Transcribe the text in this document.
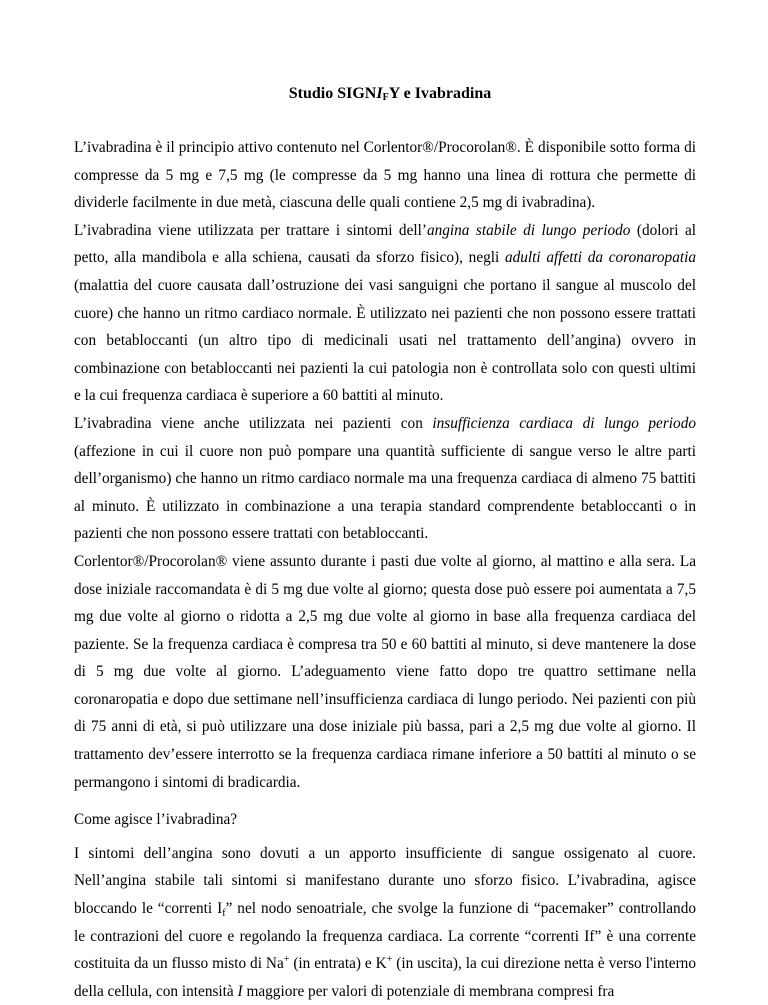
Studio $SIGNI_FY$ e Ivabradina

L’ivabradina è il principio attivo contenuto nel Corlentor®/Procorolan®. È disponibile sotto forma di compresse da 5 mg e 7,5 mg (le compresse da 5 mg hanno una linea di rottura che permette di dividerle facilmente in due metà, ciascuna delle quali contiene 2,5 mg di ivabradina).

L’ivabradina viene utilizzata per trattare i sintomi dell’angina stabile di lungo periodo (dolori al petto, alla mandibola e alla schiena, causati da sforzo fisico), negli adulti affetti da coronaropatia (malattia del cuore causata dall’ostruzione dei vasi sanguigni che portano il sangue al muscolo del cuore) che hanno un ritmo cardiaco normale. È utilizzato nei pazienti che non possono essere trattati con betabloccanti (un altro tipo di medicinali usati nel trattamento dell’angina) ovvero in combinazione con betabloccanti nei pazienti la cui patologia non è controllata solo con questi ultimi e la cui frequenza cardiaca è superiore a 60 battiti al minuto.

L’ivabradina viene anche utilizzata nei pazienti con insufficienza cardiaca di lungo periodo (affezione in cui il cuore non può pompare una quantità sufficiente di sangue verso le altre parti dell’organismo) che hanno un ritmo cardiaco normale ma una frequenza cardiaca di almeno 75 battiti al minuto. È utilizzato in combinazione a una terapia standard comprendente betabloccanti o in pazienti che non possono essere trattati con betabloccanti.

Corlentor®/Procorolan® viene assunto durante i pasti due volte al giorno, al mattino e alla sera. La dose iniziale raccomandata è di 5 mg due volte al giorno; questa dose può essere poi aumentata a 7,5 mg due volte al giorno o ridotta a 2,5 mg due volte al giorno in base alla frequenza cardiaca del paziente. Se la frequenza cardiaca è compresa tra 50 e 60 battiti al minuto, si deve mantenere la dose di 5 mg due volte al giorno. L’adeguamento viene fatto dopo tre quattro settimane nella coronaropatia e dopo due settimane nell’insufficienza cardiaca di lungo periodo. Nei pazienti con più di 75 anni di età, si può utilizzare una dose iniziale più bassa, pari a 2,5 mg due volte al giorno. Il trattamento dev’essere interrotto se la frequenza cardiaca rimane inferiore a 50 battiti al minuto o se permangono i sintomi di bradicardia.

Come agisce l’ivabradina?

I sintomi dell’angina sono dovuti a un apporto insufficiente di sangue ossigenato al cuore. Nell’angina stabile tali sintomi si manifestano durante uno sforzo fisico. L’ivabradina, agisce bloccando le “correnti $I_f$” nel nodo senoatriale, che svolge la funzione di “pacemaker” controllando le contrazioni del cuore e regolando la frequenza cardiaca. La corrente “correnti If” è una corrente costituita da un flusso misto di Na+ (in entrata) e K+ (in uscita), la cui direzione netta è verso l'interno della cellula, con intensità I maggiore per valori di potenziale di membrana compresi fra
